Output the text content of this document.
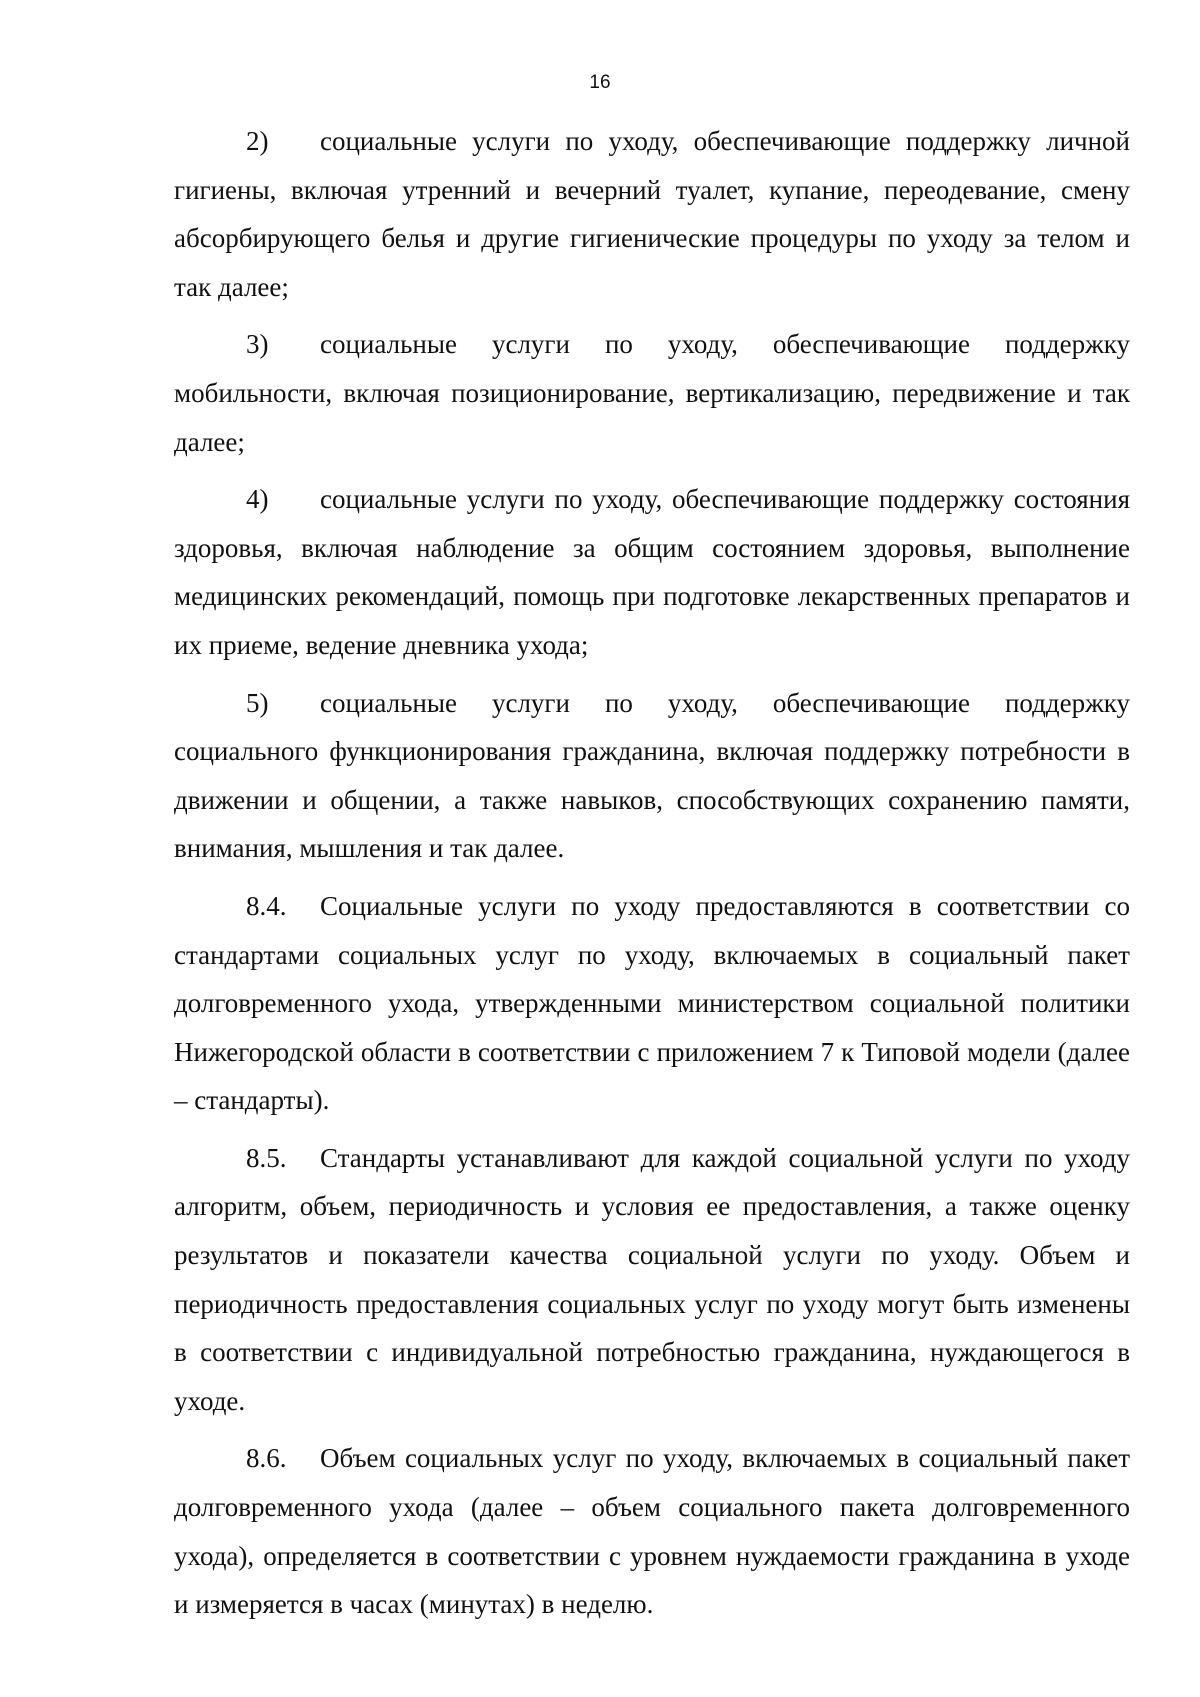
16

2) социальные услуги по уходу, обеспечивающие поддержку личной гигиены, включая утренний и вечерний туалет, купание, переодевание, смену абсорбирующего белья и другие гигиенические процедуры по уходу за телом и так далее;

3) социальные услуги по уходу, обеспечивающие поддержку мобильности, включая позиционирование, вертикализацию, передвижение и так далее;

4) социальные услуги по уходу, обеспечивающие поддержку состояния здоровья, включая наблюдение за общим состоянием здоровья, выполнение медицинских рекомендаций, помощь при подготовке лекарственных препаратов и их приеме, ведение дневника ухода;

5) социальные услуги по уходу, обеспечивающие поддержку социального функционирования гражданина, включая поддержку потребности в движении и общении, а также навыков, способствующих сохранению памяти, внимания, мышления и так далее.

8.4. Социальные услуги по уходу предоставляются в соответствии со стандартами социальных услуг по уходу, включаемых в социальный пакет долговременного ухода, утвержденными министерством социальной политики Нижегородской области в соответствии с приложением 7 к Типовой модели (далее – стандарты).

8.5. Стандарты устанавливают для каждой социальной услуги по уходу алгоритм, объем, периодичность и условия ее предоставления, а также оценку результатов и показатели качества социальной услуги по уходу. Объем и периодичность предоставления социальных услуг по уходу могут быть изменены в соответствии с индивидуальной потребностью гражданина, нуждающегося в уходе.

8.6. Объем социальных услуг по уходу, включаемых в социальный пакет долговременного ухода (далее – объем социального пакета долговременного ухода), определяется в соответствии с уровнем нуждаемости гражданина в уходе и измеряется в часах (минутах) в неделю.
